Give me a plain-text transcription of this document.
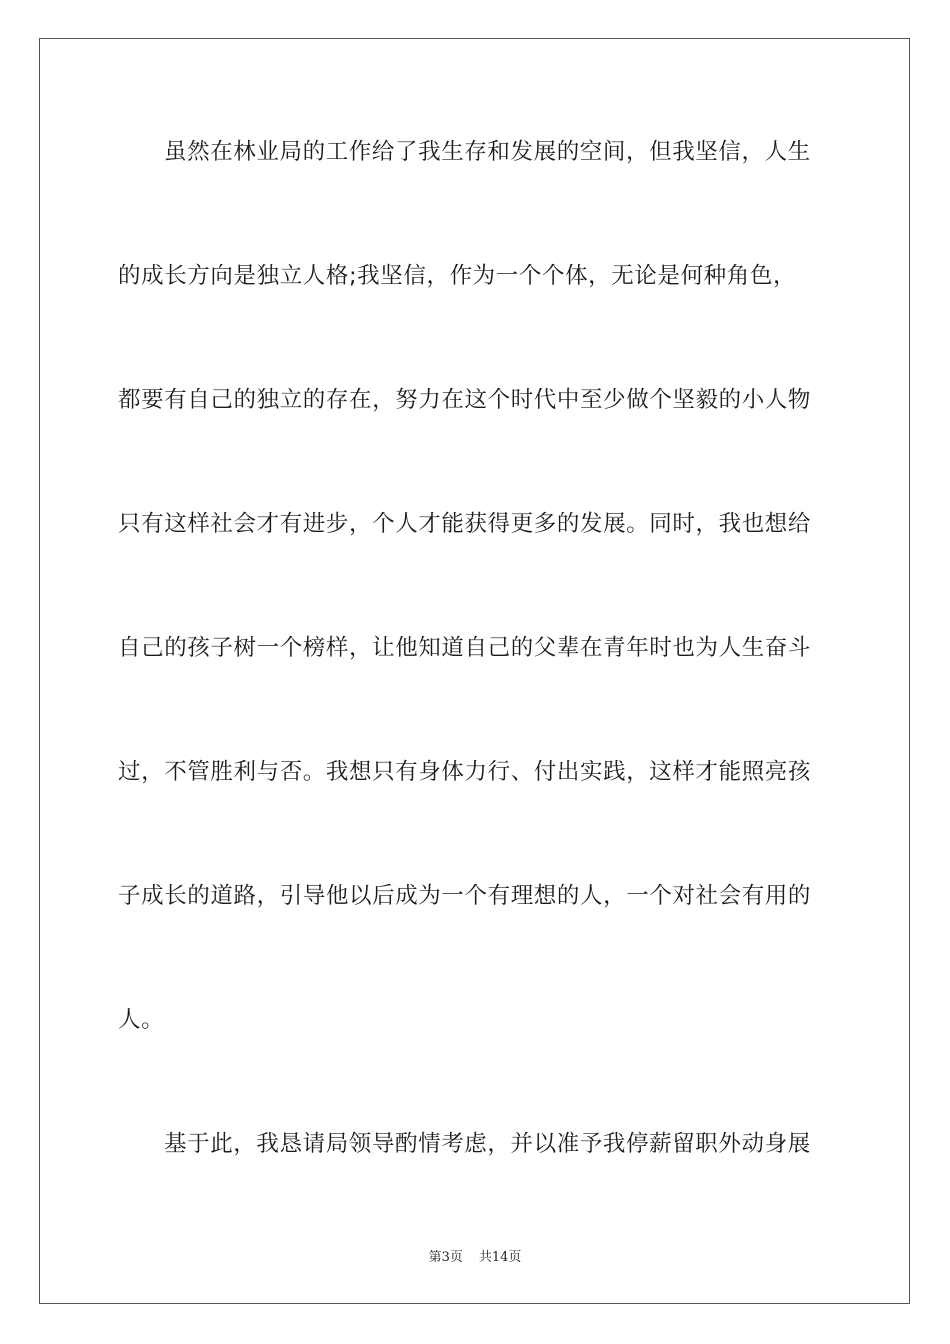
虽然在林业局的工作给了我生存和发展的空间，但我坚信，人生
的成长方向是独立人格;我坚信，作为一个个体，无论是何种角色，
都要有自己的独立的存在，努力在这个时代中至少做个坚毅的小人物
只有这样社会才有进步，个人才能获得更多的发展。同时，我也想给
自己的孩子树一个榜样，让他知道自己的父辈在青年时也为人生奋斗
过，不管胜利与否。我想只有身体力行、付出实践，这样才能照亮孩
子成长的道路，引导他以后成为一个有理想的人，一个对社会有用的
人。
基于此，我恳请局领导酌情考虑，并以准予我停薪留职外动身展
第3页 共14页
